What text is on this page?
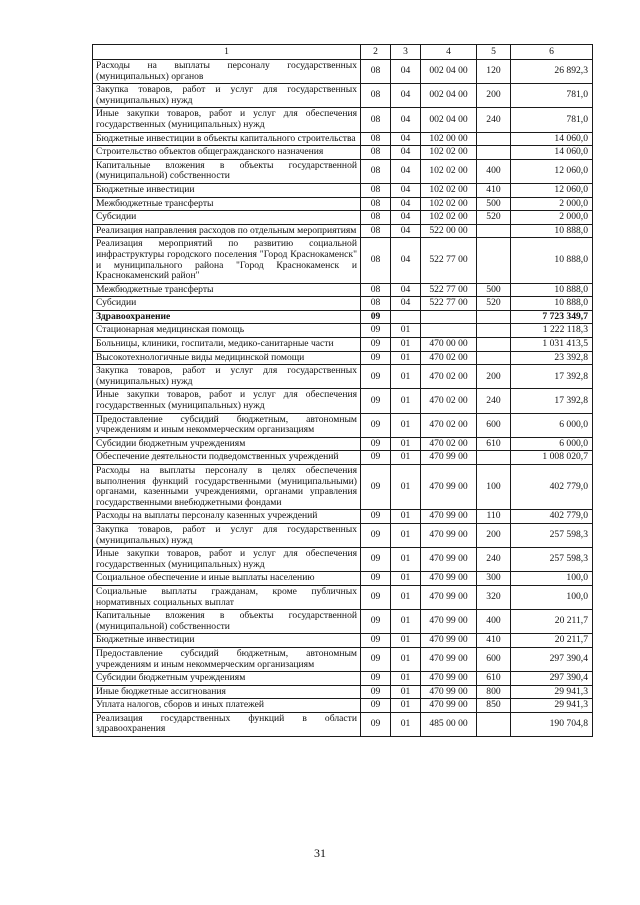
1	2	3	4	5	6
Расходы на выплаты персоналу государственных (муниципальных) органов	08	04	002 04 00	120	26 892,3
Закупка товаров, работ и услуг для государственных (муниципальных) нужд	08	04	002 04 00	200	781,0
Иные закупки товаров, работ и услуг для обеспечения государственных (муниципальных) нужд	08	04	002 04 00	240	781,0
Бюджетные инвестиции в объекты капитального строительства	08	04	102 00 00		14 060,0
Строительство объектов общегражданского назначения	08	04	102 02 00		14 060,0
Капитальные вложения в объекты государственной (муниципальной) собственности	08	04	102 02 00	400	12 060,0
Бюджетные инвестиции	08	04	102 02 00	410	12 060,0
Межбюджетные трансферты	08	04	102 02 00	500	2 000,0
Субсидии	08	04	102 02 00	520	2 000,0
Реализация направления расходов по отдельным мероприятиям	08	04	522 00 00		10 888,0
Реализация мероприятий по развитию социальной инфраструктуры городского поселения "Город Краснокаменск" и муниципального района "Город Краснокаменск и Краснокаменский район"	08	04	522 77 00		10 888,0
Межбюджетные трансферты	08	04	522 77 00	500	10 888,0
Субсидии	08	04	522 77 00	520	10 888,0
Здравоохранение	09				7 723 349,7
Стационарная медицинская помощь	09	01			1 222 118,3
Больницы, клиники, госпитали, медико-санитарные части	09	01	470 00 00		1 031 413,5
Высокотехнологичные виды медицинской помощи	09	01	470 02 00		23 392,8
Закупка товаров, работ и услуг для государственных (муниципальных) нужд	09	01	470 02 00	200	17 392,8
Иные закупки товаров, работ и услуг для обеспечения государственных (муниципальных) нужд	09	01	470 02 00	240	17 392,8
Предоставление субсидий бюджетным, автономным учреждениям и иным некоммерческим организациям	09	01	470 02 00	600	6 000,0
Субсидии бюджетным учреждениям	09	01	470 02 00	610	6 000,0
Обеспечение деятельности подведомственных учреждений	09	01	470 99 00		1 008 020,7
Расходы на выплаты персоналу в целях обеспечения выполнения функций государственными (муниципальными) органами, казенными учреждениями, органами управления государственными внебюджетными фондами	09	01	470 99 00	100	402 779,0
Расходы на выплаты персоналу казенных учреждений	09	01	470 99 00	110	402 779,0
Закупка товаров, работ и услуг для государственных (муниципальных) нужд	09	01	470 99 00	200	257 598,3
Иные закупки товаров, работ и услуг для обеспечения государственных (муниципальных) нужд	09	01	470 99 00	240	257 598,3
Социальное обеспечение и иные выплаты населению	09	01	470 99 00	300	100,0
Социальные выплаты гражданам, кроме публичных нормативных социальных выплат	09	01	470 99 00	320	100,0
Капитальные вложения в объекты государственной (муниципальной) собственности	09	01	470 99 00	400	20 211,7
Бюджетные инвестиции	09	01	470 99 00	410	20 211,7
Предоставление субсидий бюджетным, автономным учреждениям и иным некоммерческим организациям	09	01	470 99 00	600	297 390,4
Субсидии бюджетным учреждениям	09	01	470 99 00	610	297 390,4
Иные бюджетные ассигнования	09	01	470 99 00	800	29 941,3
Уплата налогов, сборов и иных платежей	09	01	470 99 00	850	29 941,3
Реализация государственных функций в области здравоохранения	09	01	485 00 00		190 704,8
31
